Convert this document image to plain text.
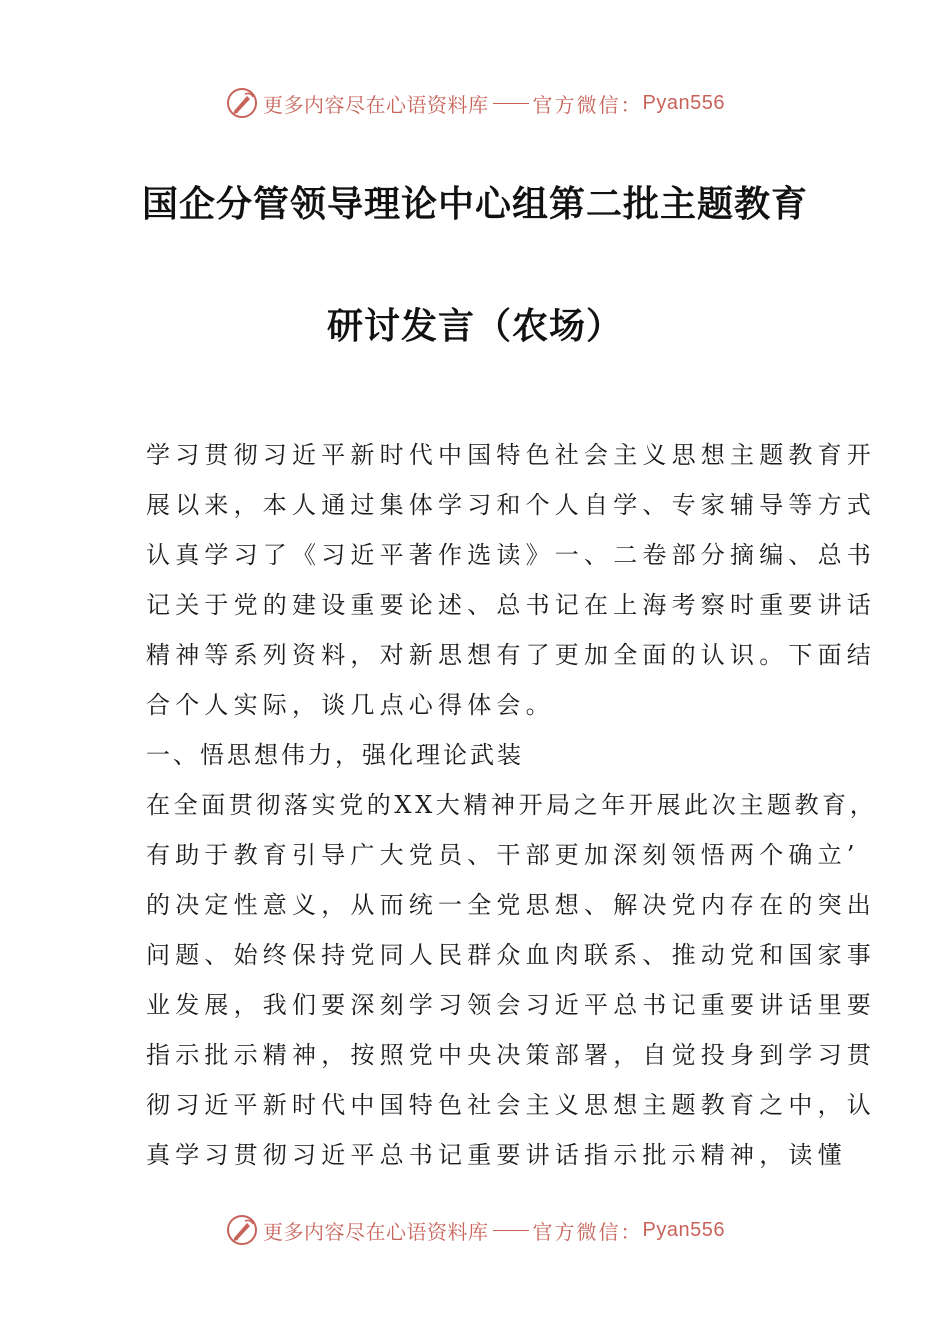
更多内容尽在心语资料库 官方微信： Pyan556
国企分管领导理论中心组第二批主题教育
研讨发言（农场）

学习贯彻习近平新时代中国特色社会主义思想主题教育开

展以来，本人通过集体学习和个人自学、专家辅导等方式

认真学习了《习近平著作选读》一、二卷部分摘编、总书

记关于党的建设重要论述、总书记在上海考察时重要讲话

精神等系列资料，对新思想有了更加全面的认识。下面结

合个人实际，谈几点心得体会。

一、悟思想伟力，强化理论武装

在全面贯彻落实党的XX大精神开局之年开展此次主题教育，

有助于教育引导广大党员、干部更加深刻领悟两个确立’

的决定性意义，从而统一全党思想、解决党内存在的突出

问题、始终保持党同人民群众血肉联系、推动党和国家事

业发展，我们要深刻学习领会习近平总书记重要讲话里要

指示批示精神，按照党中央决策部署，自觉投身到学习贯

彻习近平新时代中国特色社会主义思想主题教育之中，认

真学习贯彻习近平总书记重要讲话指示批示精神，读懂

更多内容尽在心语资料库 官方微信： Pyan556
